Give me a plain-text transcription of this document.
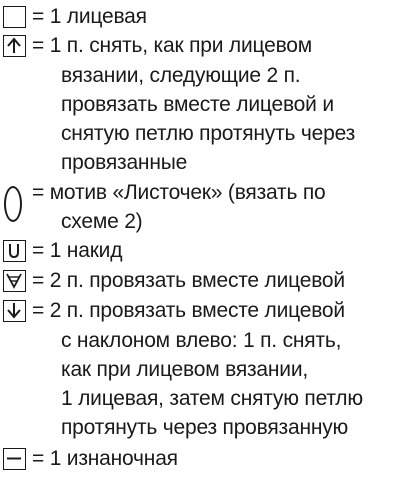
= 1 лицевая
= 1 п. снять, как при лицевом
вязании, следующие 2 п.
провязать вместе лицевой и
снятую петлю протянуть через
провязанные
= мотив «Листочек» (вязать по
схеме 2)
= 1 накид
= 2 п. провязать вместе лицевой
= 2 п. провязать вместе лицевой
с наклоном влево: 1 п. снять,
как при лицевом вязании,
1 лицевая, затем снятую петлю
протянуть через провязанную
= 1 изнаночная
